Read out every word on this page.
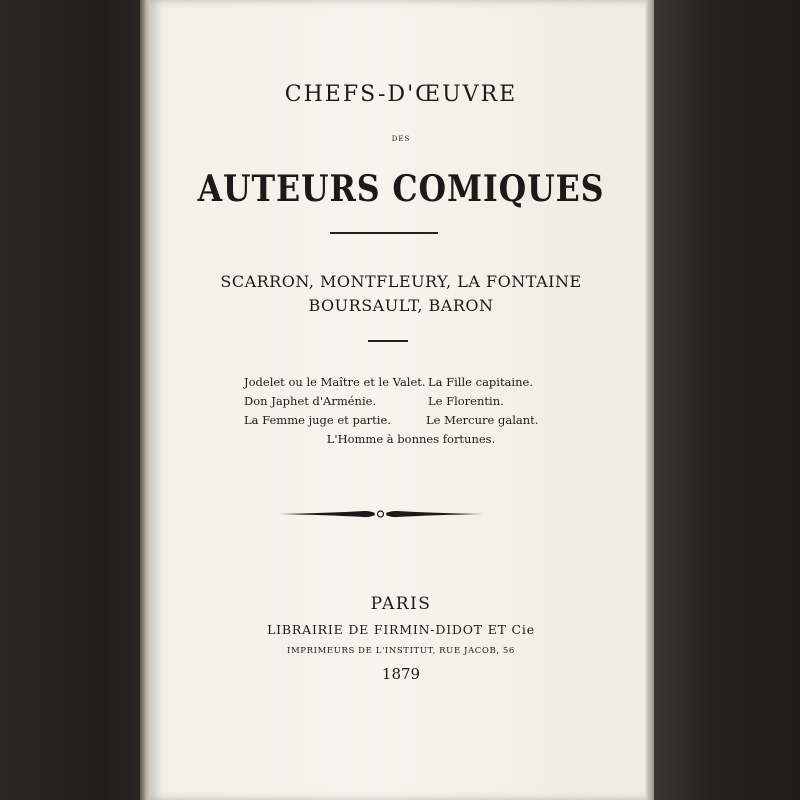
CHEFS-D'ŒUVRE
DES
AUTEURS COMIQUES
SCARRON, MONTFLEURY, LA FONTAINE
BOURSAULT, BARON
Jodelet ou le Maître et le Valet. La Fille capitaine.
Don Japhet d'Arménie.	Le Florentin.
La Femme juge et partie.	Le Mercure galant.
L'Homme à bonnes fortunes.
PARIS
LIBRAIRIE DE FIRMIN-DIDOT ET Cie
IMPRIMEURS DE L'INSTITUT, RUE JACOB, 56
1879
